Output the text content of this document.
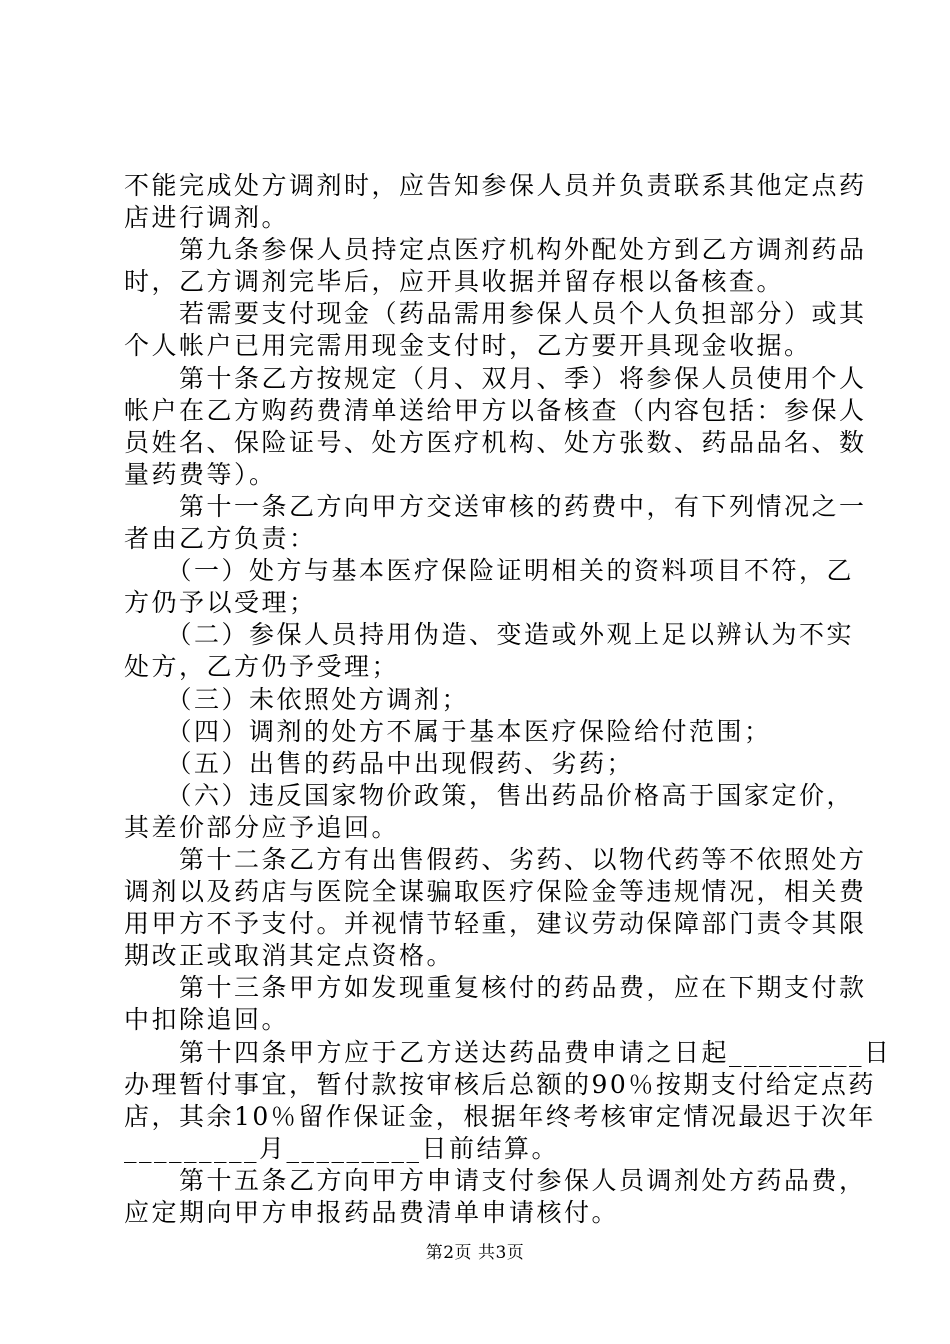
不能完成处方调剂时，应告知参保人员并负责联系其他定点药

店进行调剂。

　　第九条参保人员持定点医疗机构外配处方到乙方调剂药品

时，乙方调剂完毕后，应开具收据并留存根以备核查。

　　若需要支付现金（药品需用参保人员个人负担部分）或其

个人帐户已用完需用现金支付时，乙方要开具现金收据。

　　第十条乙方按规定（月、双月、季）将参保人员使用个人

帐户在乙方购药费清单送给甲方以备核查（内容包括：参保人

员姓名、保险证号、处方医疗机构、处方张数、药品品名、数

量药费等）。

　　第十一条乙方向甲方交送审核的药费中，有下列情况之一

者由乙方负责：

　　（一）处方与基本医疗保险证明相关的资料项目不符，乙

方仍予以受理；

　　（二）参保人员持用伪造、变造或外观上足以辨认为不实

处方，乙方仍予受理；

　　（三）未依照处方调剂；

　　（四）调剂的处方不属于基本医疗保险给付范围；

　　（五）出售的药品中出现假药、劣药；

　　（六）违反国家物价政策，售出药品价格高于国家定价，

其差价部分应予追回。

　　第十二条乙方有出售假药、劣药、以物代药等不依照处方

调剂以及药店与医院全谋骗取医疗保险金等违规情况，相关费

用甲方不予支付。并视情节轻重，建议劳动保障部门责令其限

期改正或取消其定点资格。

　　第十三条甲方如发现重复核付的药品费，应在下期支付款

中扣除追回。

　　第十四条甲方应于乙方送达药品费申请之日起_________日

办理暂付事宜，暂付款按审核后总额的90％按期支付给定点药

店，其余10％留作保证金，根据年终考核审定情况最迟于次年

_________月_________日前结算。

　　第十五条乙方向甲方申请支付参保人员调剂处方药品费，

应定期向甲方申报药品费清单申请核付。

第2页 共3页
